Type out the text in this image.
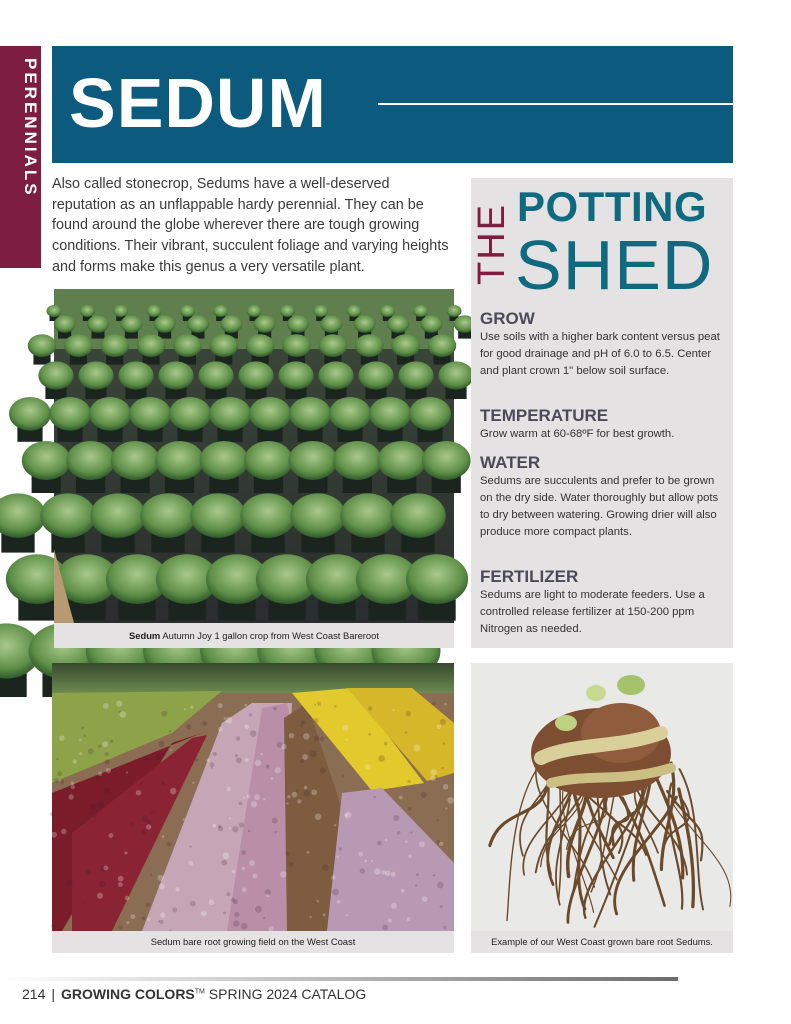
PERENNIALS SEDUM

Also called stonecrop, Sedums have a well-deserved reputation as an unflappable hardy perennial. They can be found around the globe wherever there are tough growing conditions. Their vibrant, succulent foliage and varying heights and forms make this genus a very versatile plant.

Sedum Autumn Joy 1 gallon crop from West Coast Bareroot
Sedum bare root growing field on the West Coast	Example of our West Coast grown bare root Sedums.
THE POTTING
SHED
GROW
Use soils with a higher bark content versus peat for good drainage and pH of 6.0 to 6.5. Center and plant crown 1" below soil surface.
TEMPERATURE
Grow warm at 60-68ºF for best growth.
WATER
Sedums are succulents and prefer to be grown on the dry side. Water thoroughly but allow pots to dry between watering. Growing drier will also produce more compact plants.
FERTILIZER
Sedums are light to moderate feeders. Use a controlled release fertilizer at 150-200 ppm Nitrogen as needed.
214 | GROWING COLORS™ SPRING 2024 CATALOG
